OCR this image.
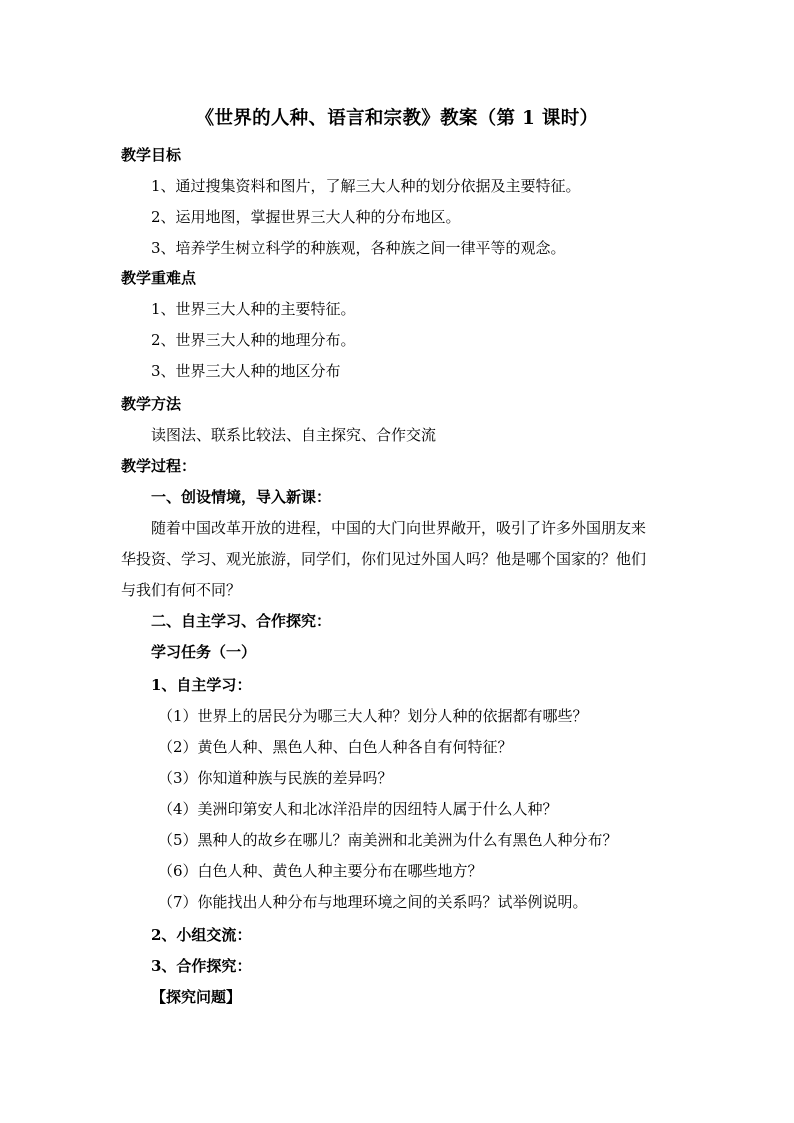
《世界的人种、语言和宗教》教案（第 1 课时）
教学目标
1、通过搜集资料和图片，了解三大人种的划分依据及主要特征。
2、运用地图，掌握世界三大人种的分布地区。
3、培养学生树立科学的种族观，各种族之间一律平等的观念。
教学重难点
1、世界三大人种的主要特征。
2、世界三大人种的地理分布。
3、世界三大人种的地区分布
教学方法
读图法、联系比较法、自主探究、合作交流
教学过程：
一、创设情境，导入新课：
随着中国改革开放的进程，中国的大门向世界敞开，吸引了许多外国朋友来
华投资、学习、观光旅游，同学们，你们见过外国人吗？他是哪个国家的？他们
与我们有何不同？
二、自主学习、合作探究：
学习任务（一）
1、自主学习：
（1）世界上的居民分为哪三大人种？划分人种的依据都有哪些？
（2）黄色人种、黑色人种、白色人种各自有何特征？
（3）你知道种族与民族的差异吗？
（4）美洲印第安人和北冰洋沿岸的因纽特人属于什么人种？
（5）黑种人的故乡在哪儿？南美洲和北美洲为什么有黑色人种分布？
（6）白色人种、黄色人种主要分布在哪些地方？
（7）你能找出人种分布与地理环境之间的关系吗？试举例说明。
2、小组交流：
3、合作探究：
【探究问题】
